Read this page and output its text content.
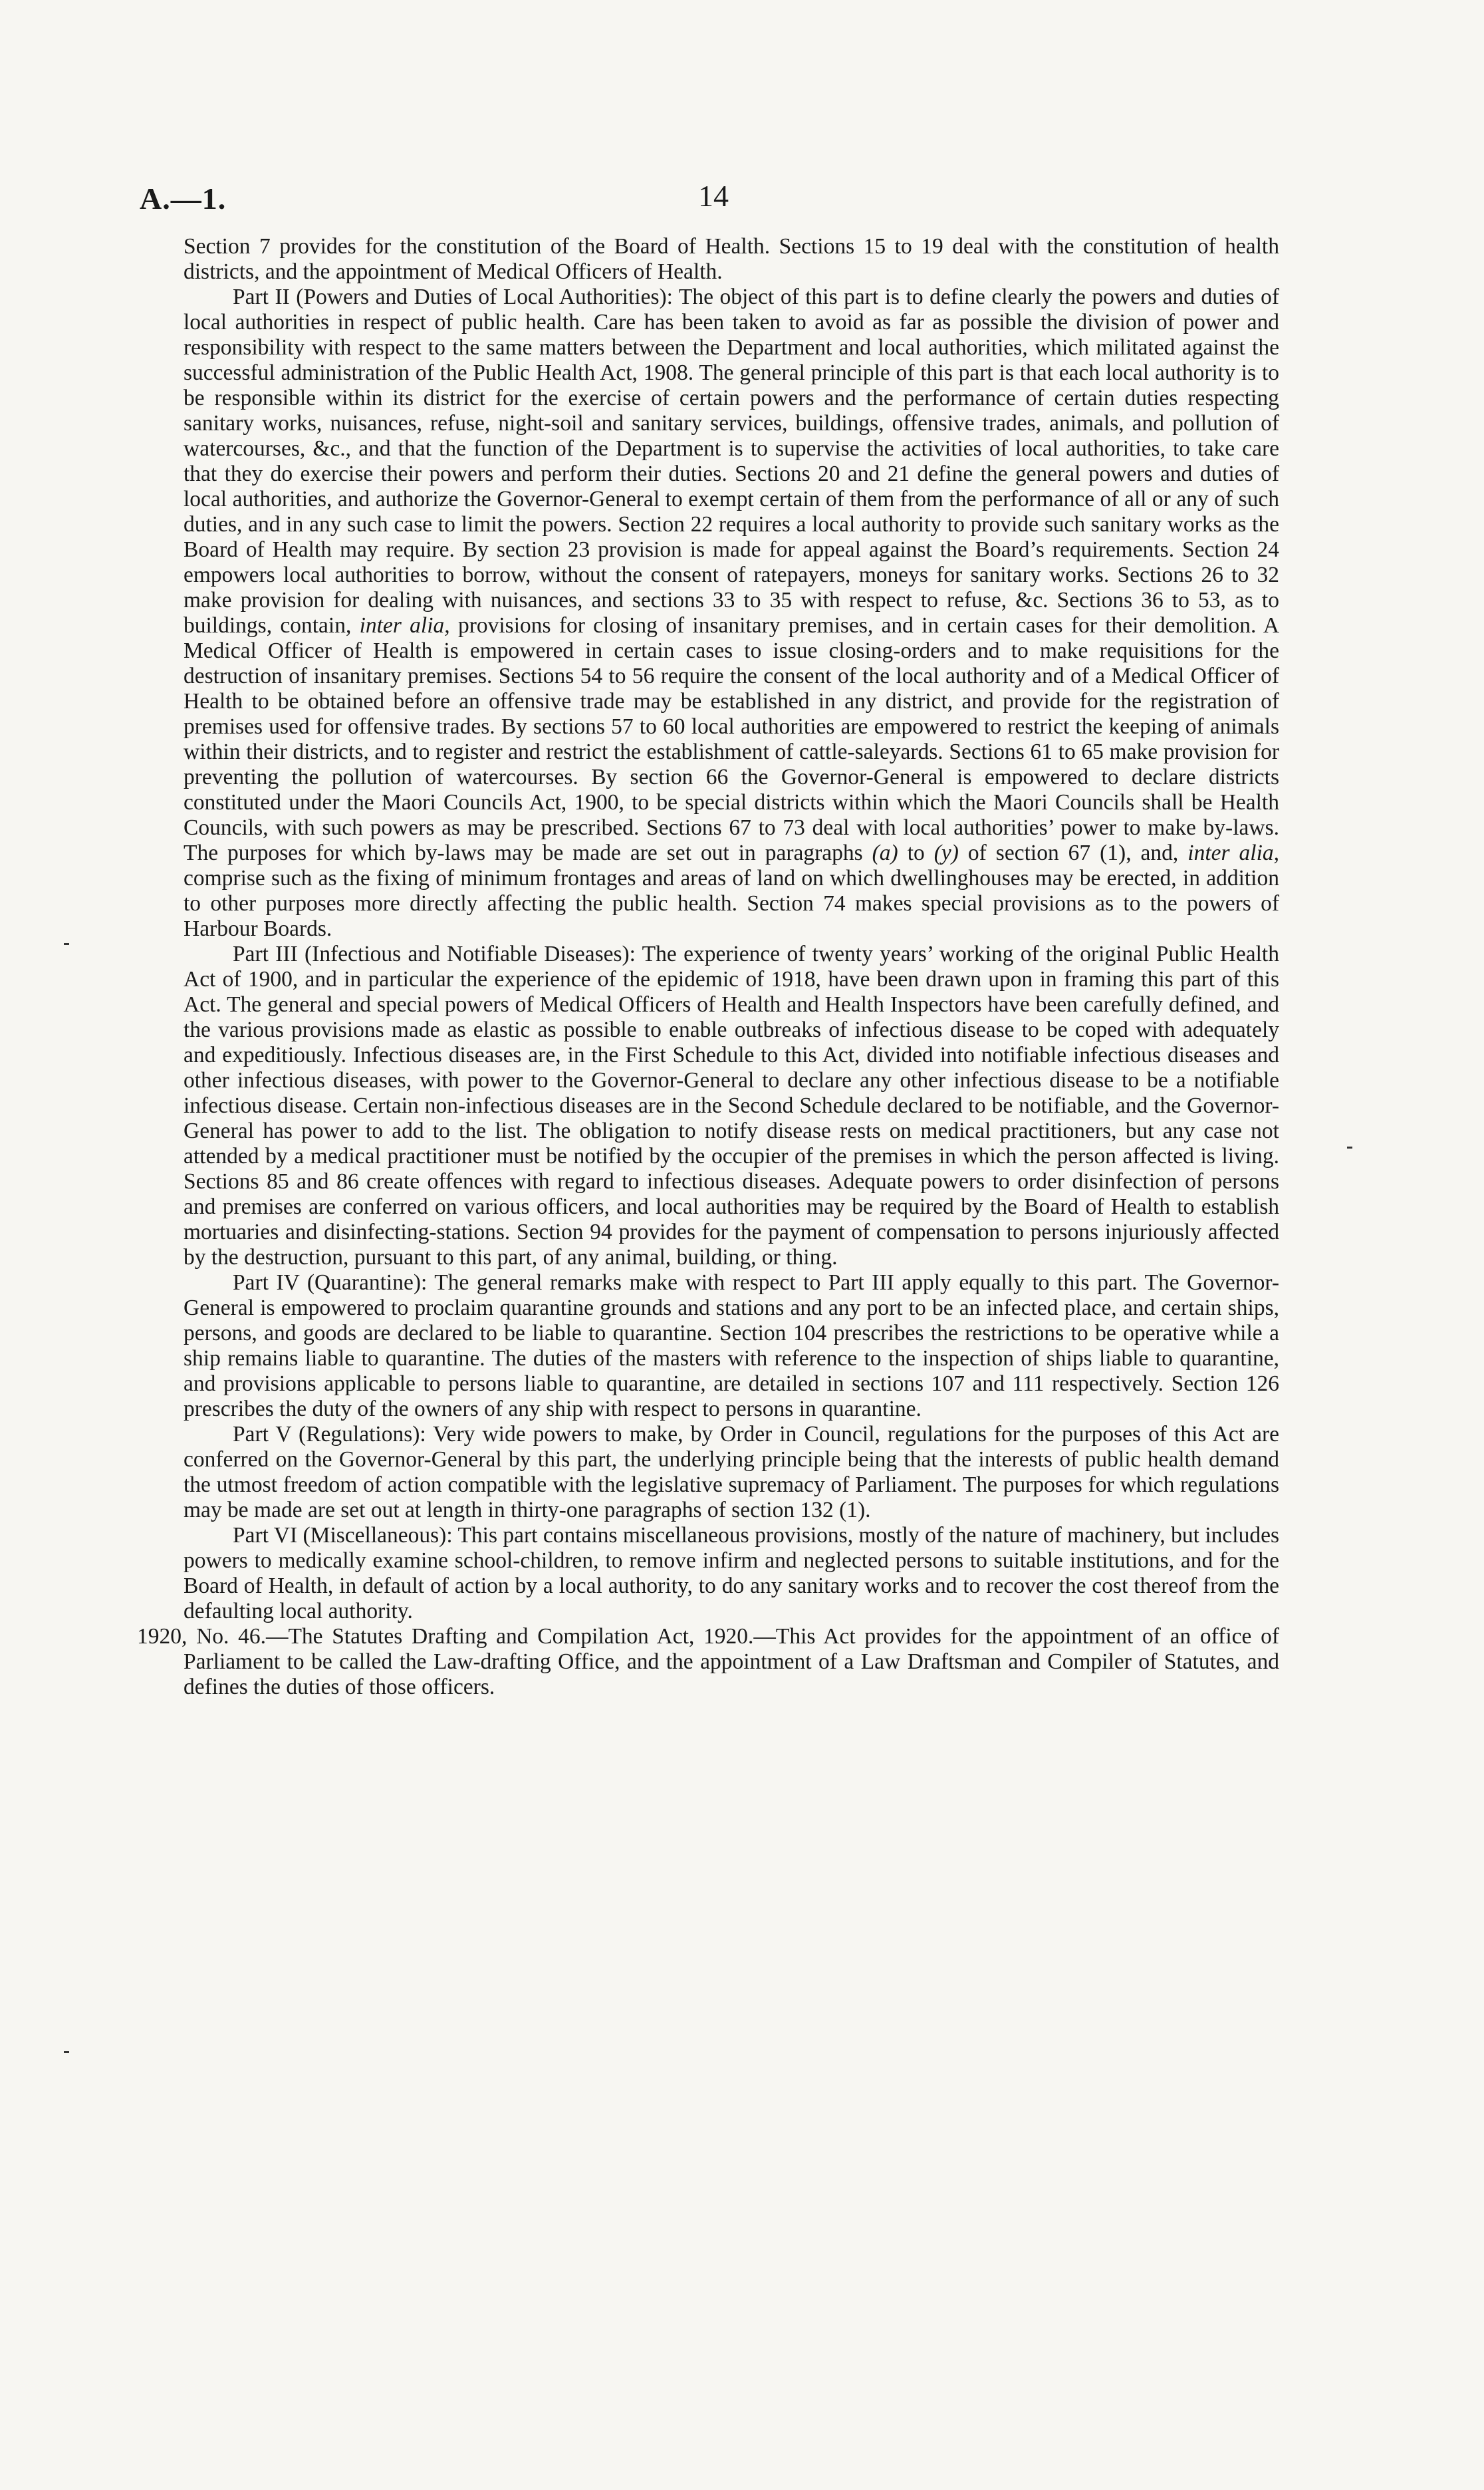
A.—1.	14

Section 7 provides for the constitution of the Board of Health. Sections 15 to 19 deal with the constitution of health districts, and the appointment of Medical Officers of Health.

Part II (Powers and Duties of Local Authorities): The object of this part is to define clearly the powers and duties of local authorities in respect of public health. Care has been taken to avoid as far as possible the division of power and responsibility with respect to the same matters between the Department and local authorities, which militated against the successful administration of the Public Health Act, 1908. The general principle of this part is that each local authority is to be responsible within its district for the exercise of certain powers and the performance of certain duties respecting sanitary works, nuisances, refuse, night-soil and sanitary services, buildings, offensive trades, animals, and pollution of watercourses, &c., and that the function of the Department is to supervise the activities of local authorities, to take care that they do exercise their powers and perform their duties. Sections 20 and 21 define the general powers and duties of local authorities, and authorize the Governor-General to exempt certain of them from the performance of all or any of such duties, and in any such case to limit the powers. Section 22 requires a local authority to provide such sanitary works as the Board of Health may require. By section 23 provision is made for appeal against the Board’s requirements. Section 24 empowers local authorities to borrow, without the consent of ratepayers, moneys for sanitary works. Sections 26 to 32 make provision for dealing with nuisances, and sections 33 to 35 with respect to refuse, &c. Sections 36 to 53, as to buildings, contain, inter alia, provisions for closing of insanitary premises, and in certain cases for their demolition. A Medical Officer of Health is empowered in certain cases to issue closing-orders and to make requisitions for the destruction of insanitary premises. Sections 54 to 56 require the consent of the local authority and of a Medical Officer of Health to be obtained before an offensive trade may be established in any district, and provide for the registration of premises used for offensive trades. By sections 57 to 60 local authorities are empowered to restrict the keeping of animals within their districts, and to register and restrict the establishment of cattle-saleyards. Sections 61 to 65 make provision for preventing the pollution of watercourses. By section 66 the Governor-General is empowered to declare districts constituted under the Maori Councils Act, 1900, to be special districts within which the Maori Councils shall be Health Councils, with such powers as may be prescribed. Sections 67 to 73 deal with local authorities’ power to make by-laws. The purposes for which by-laws may be made are set out in paragraphs (a) to (y) of section 67 (1), and, inter alia, comprise such as the fixing of minimum frontages and areas of land on which dwellinghouses may be erected, in addition to other purposes more directly affecting the public health. Section 74 makes special provisions as to the powers of Harbour Boards.

Part III (Infectious and Notifiable Diseases): The experience of twenty years’ working of the original Public Health Act of 1900, and in particular the experience of the epidemic of 1918, have been drawn upon in framing this part of this Act. The general and special powers of Medical Officers of Health and Health Inspectors have been carefully defined, and the various provisions made as elastic as possible to enable outbreaks of infectious disease to be coped with adequately and expeditiously. Infectious diseases are, in the First Schedule to this Act, divided into notifiable infectious diseases and other infectious diseases, with power to the Governor-General to declare any other infectious disease to be a notifiable infectious disease. Certain non-infectious diseases are in the Second Schedule declared to be notifiable, and the Governor-General has power to add to the list. The obligation to notify disease rests on medical practitioners, but any case not attended by a medical practitioner must be notified by the occupier of the premises in which the person affected is living. Sections 85 and 86 create offences with regard to infectious diseases. Adequate powers to order disinfection of persons and premises are conferred on various officers, and local authorities may be required by the Board of Health to establish mortuaries and disinfecting-stations. Section 94 provides for the payment of compensation to persons injuriously affected by the destruction, pursuant to this part, of any animal, building, or thing.

Part IV (Quarantine): The general remarks make with respect to Part III apply equally to this part. The Governor-General is empowered to proclaim quarantine grounds and stations and any port to be an infected place, and certain ships, persons, and goods are declared to be liable to quarantine. Section 104 prescribes the restrictions to be operative while a ship remains liable to quarantine. The duties of the masters with reference to the inspection of ships liable to quarantine, and provisions applicable to persons liable to quarantine, are detailed in sections 107 and 111 respectively. Section 126 prescribes the duty of the owners of any ship with respect to persons in quarantine.

Part V (Regulations): Very wide powers to make, by Order in Council, regulations for the purposes of this Act are conferred on the Governor-General by this part, the underlying principle being that the interests of public health demand the utmost freedom of action compatible with the legislative supremacy of Parliament. The purposes for which regulations may be made are set out at length in thirty-one paragraphs of section 132 (1).

Part VI (Miscellaneous): This part contains miscellaneous provisions, mostly of the nature of machinery, but includes powers to medically examine school-children, to remove infirm and neglected persons to suitable institutions, and for the Board of Health, in default of action by a local authority, to do any sanitary works and to recover the cost thereof from the defaulting local authority.

1920, No. 46.—The Statutes Drafting and Compilation Act, 1920.—This Act provides for the appointment of an office of Parliament to be called the Law-drafting Office, and the appointment of a Law Draftsman and Compiler of Statutes, and defines the duties of those officers.
